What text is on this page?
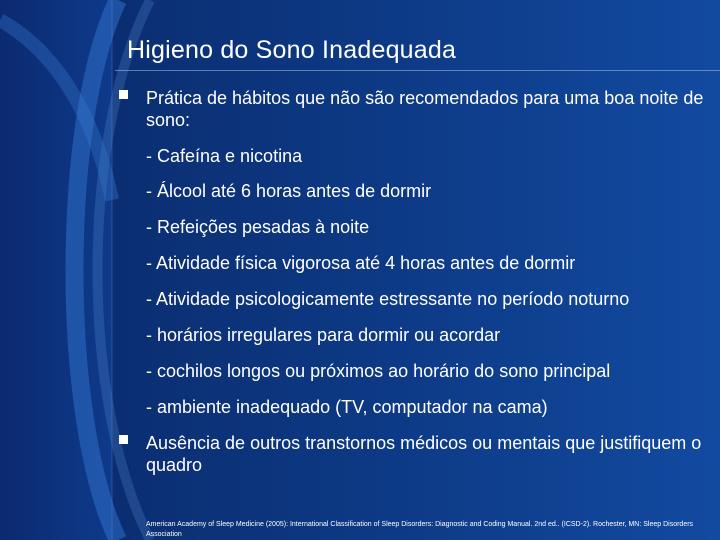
Higieno do Sono Inadequada
Prática de hábitos que não são recomendados para uma boa noite de sono:
- Cafeína e nicotina
- Álcool até 6 horas antes de dormir
- Refeições pesadas à noite
- Atividade física vigorosa até 4 horas antes de dormir
- Atividade psicologicamente estressante no período noturno
- horários irregulares para dormir ou acordar
- cochilos longos ou próximos ao horário do sono principal
- ambiente inadequado (TV, computador na cama)
Ausência de outros transtornos médicos ou mentais que justifiquem o quadro
American Academy of Sleep Medicine (2005): International Classification of Sleep Disorders: Diagnostic and Coding Manual. 2nd ed.. (ICSD-2). Rochester, MN: Sleep Disorders Association
